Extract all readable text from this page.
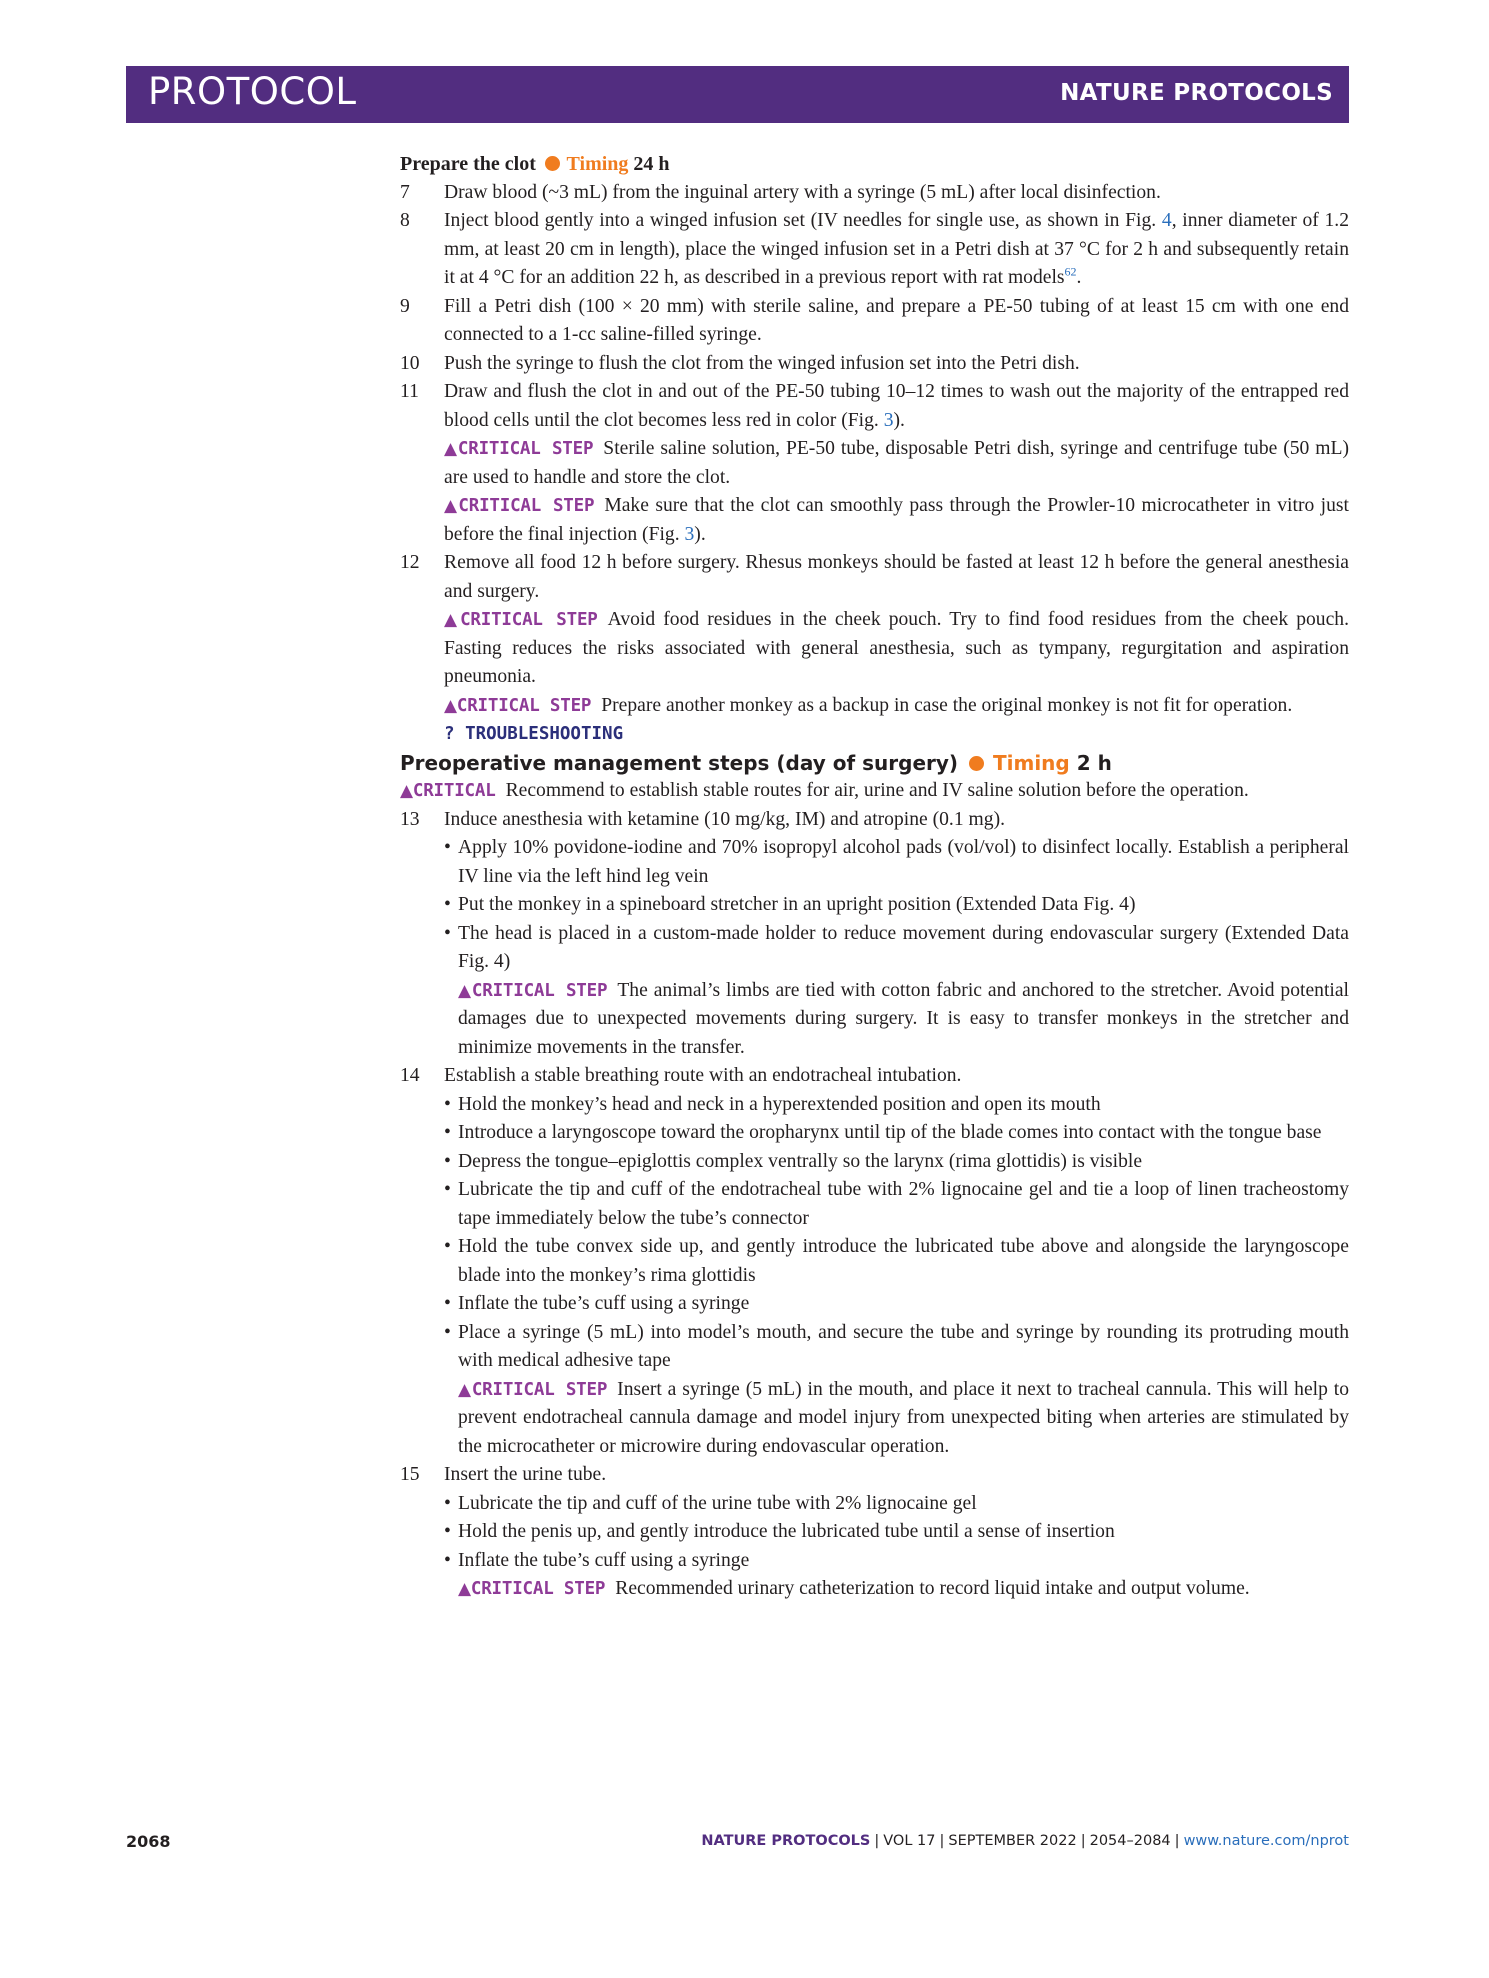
PROTOCOL	NATURE PROTOCOLS
Prepare the clot Timing 24 h
7 Draw blood (~3 mL) from the inguinal artery with a syringe (5 mL) after local disinfection.
8 Inject blood gently into a winged infusion set (IV needles for single use, as shown in Fig. 4, inner diameter of 1.2 mm, at least 20 cm in length), place the winged infusion set in a Petri dish at 37 °C for 2 h and subsequently retain it at 4 °C for an addition 22 h, as described in a previous report with rat models$^{62}$.
9 Fill a Petri dish (100 × 20 mm) with sterile saline, and prepare a PE-50 tubing of at least 15 cm with one end connected to a 1-cc saline-filled syringe.
10 Push the syringe to flush the clot from the winged infusion set into the Petri dish.
11 Draw and flush the clot in and out of the PE-50 tubing 10–12 times to wash out the majority of the entrapped red blood cells until the clot becomes less red in color (Fig. 3).
▲CRITICAL STEP Sterile saline solution, PE-50 tube, disposable Petri dish, syringe and centrifuge tube (50 mL) are used to handle and store the clot.
▲CRITICAL STEP Make sure that the clot can smoothly pass through the Prowler-10 microcatheter in vitro just before the final injection (Fig. 3).
12 Remove all food 12 h before surgery. Rhesus monkeys should be fasted at least 12 h before the general anesthesia and surgery.
▲CRITICAL STEP Avoid food residues in the cheek pouch. Try to find food residues from the cheek pouch. Fasting reduces the risks associated with general anesthesia, such as tympany, regurgitation and aspiration pneumonia.
▲CRITICAL STEP Prepare another monkey as a backup in case the original monkey is not fit for operation.
? TROUBLESHOOTING
Preoperative management steps (day of surgery) Timing 2 h
▲CRITICAL Recommend to establish stable routes for air, urine and IV saline solution before the operation.
13 Induce anesthesia with ketamine (10 mg/kg, IM) and atropine (0.1 mg).
• Apply 10% povidone-iodine and 70% isopropyl alcohol pads (vol/vol) to disinfect locally. Establish a peripheral IV line via the left hind leg vein
• Put the monkey in a spineboard stretcher in an upright position (Extended Data Fig. 4)
• The head is placed in a custom-made holder to reduce movement during endovascular surgery (Extended Data Fig. 4)
▲CRITICAL STEP The animal’s limbs are tied with cotton fabric and anchored to the stretcher. Avoid potential damages due to unexpected movements during surgery. It is easy to transfer monkeys in the stretcher and minimize movements in the transfer.
14 Establish a stable breathing route with an endotracheal intubation.
• Hold the monkey’s head and neck in a hyperextended position and open its mouth
• Introduce a laryngoscope toward the oropharynx until tip of the blade comes into contact with the tongue base
• Depress the tongue–epiglottis complex ventrally so the larynx (rima glottidis) is visible
• Lubricate the tip and cuff of the endotracheal tube with 2% lignocaine gel and tie a loop of linen tracheostomy tape immediately below the tube’s connector
• Hold the tube convex side up, and gently introduce the lubricated tube above and alongside the laryngoscope blade into the monkey’s rima glottidis
• Inflate the tube’s cuff using a syringe
• Place a syringe (5 mL) into model’s mouth, and secure the tube and syringe by rounding its protruding mouth with medical adhesive tape
▲CRITICAL STEP Insert a syringe (5 mL) in the mouth, and place it next to tracheal cannula. This will help to prevent endotracheal cannula damage and model injury from unexpected biting when arteries are stimulated by the microcatheter or microwire during endovascular operation.
15 Insert the urine tube.
• Lubricate the tip and cuff of the urine tube with 2% lignocaine gel
• Hold the penis up, and gently introduce the lubricated tube until a sense of insertion
• Inflate the tube’s cuff using a syringe
▲CRITICAL STEP Recommended urinary catheterization to record liquid intake and output volume.
2068	NATURE PROTOCOLS | VOL 17 | SEPTEMBER 2022 | 2054–2084 | www.nature.com/nprot
